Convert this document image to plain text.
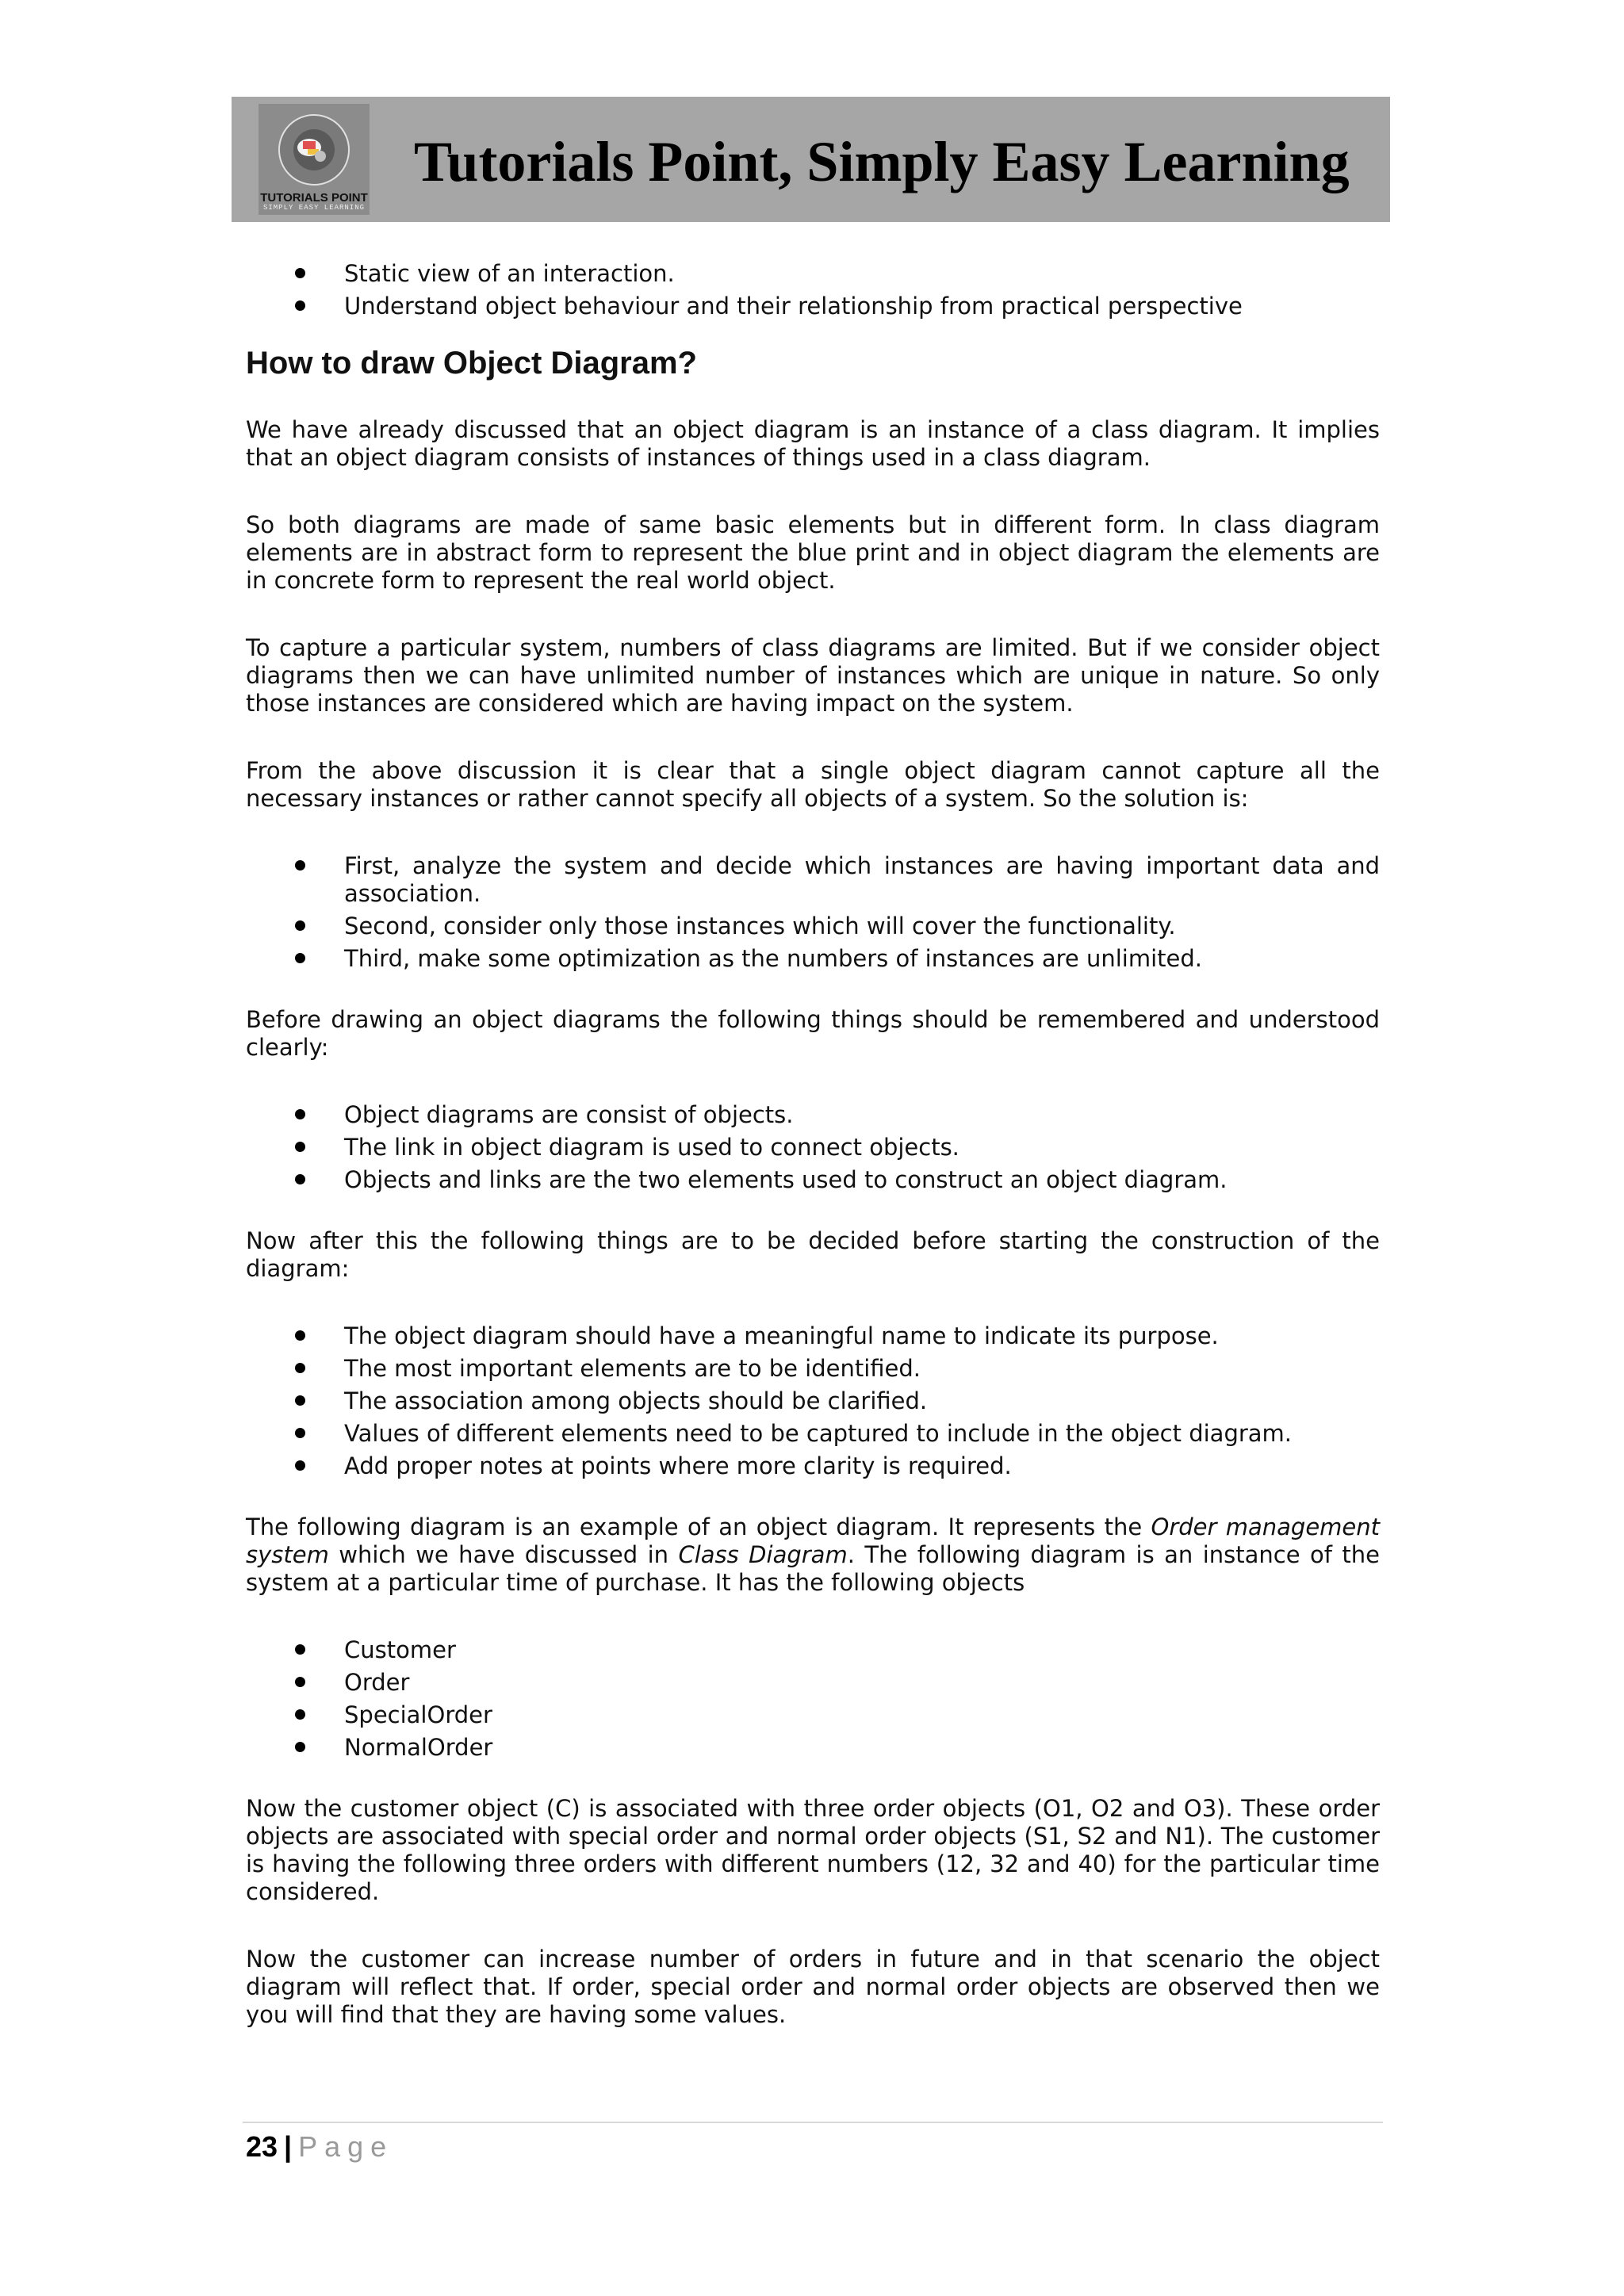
TUTORIALS POINT
SIMPLY EASY LEARNING
Tutorials Point, Simply Easy Learning
Static view of an interaction.
Understand object behaviour and their relationship from practical perspective
How to draw Object Diagram?

We have already discussed that an object diagram is an instance of a class diagram. It implies that an object diagram consists of instances of things used in a class diagram.

So both diagrams are made of same basic elements but in different form. In class diagram elements are in abstract form to represent the blue print and in object diagram the elements are in concrete form to represent the real world object.

To capture a particular system, numbers of class diagrams are limited. But if we consider object diagrams then we can have unlimited number of instances which are unique in nature. So only those instances are considered which are having impact on the system.

From the above discussion it is clear that a single object diagram cannot capture all the necessary instances or rather cannot specify all objects of a system. So the solution is:

First, analyze the system and decide which instances are having important data and association.
Second, consider only those instances which will cover the functionality.
Third, make some optimization as the numbers of instances are unlimited.

Before drawing an object diagrams the following things should be remembered and understood clearly:

Object diagrams are consist of objects.
The link in object diagram is used to connect objects.
Objects and links are the two elements used to construct an object diagram.

Now after this the following things are to be decided before starting the construction of the diagram:

The object diagram should have a meaningful name to indicate its purpose.
The most important elements are to be identified.
The association among objects should be clarified.
Values of different elements need to be captured to include in the object diagram.
Add proper notes at points where more clarity is required.

The following diagram is an example of an object diagram. It represents the Order management system which we have discussed in Class Diagram. The following diagram is an instance of the system at a particular time of purchase. It has the following objects

Customer
Order
SpecialOrder
NormalOrder

Now the customer object (C) is associated with three order objects (O1, O2 and O3). These order objects are associated with special order and normal order objects (S1, S2 and N1). The customer is having the following three orders with different numbers (12, 32 and 40) for the particular time considered.

Now the customer can increase number of orders in future and in that scenario the object diagram will reflect that. If order, special order and normal order objects are observed then we you will find that they are having some values.

23 | Page
